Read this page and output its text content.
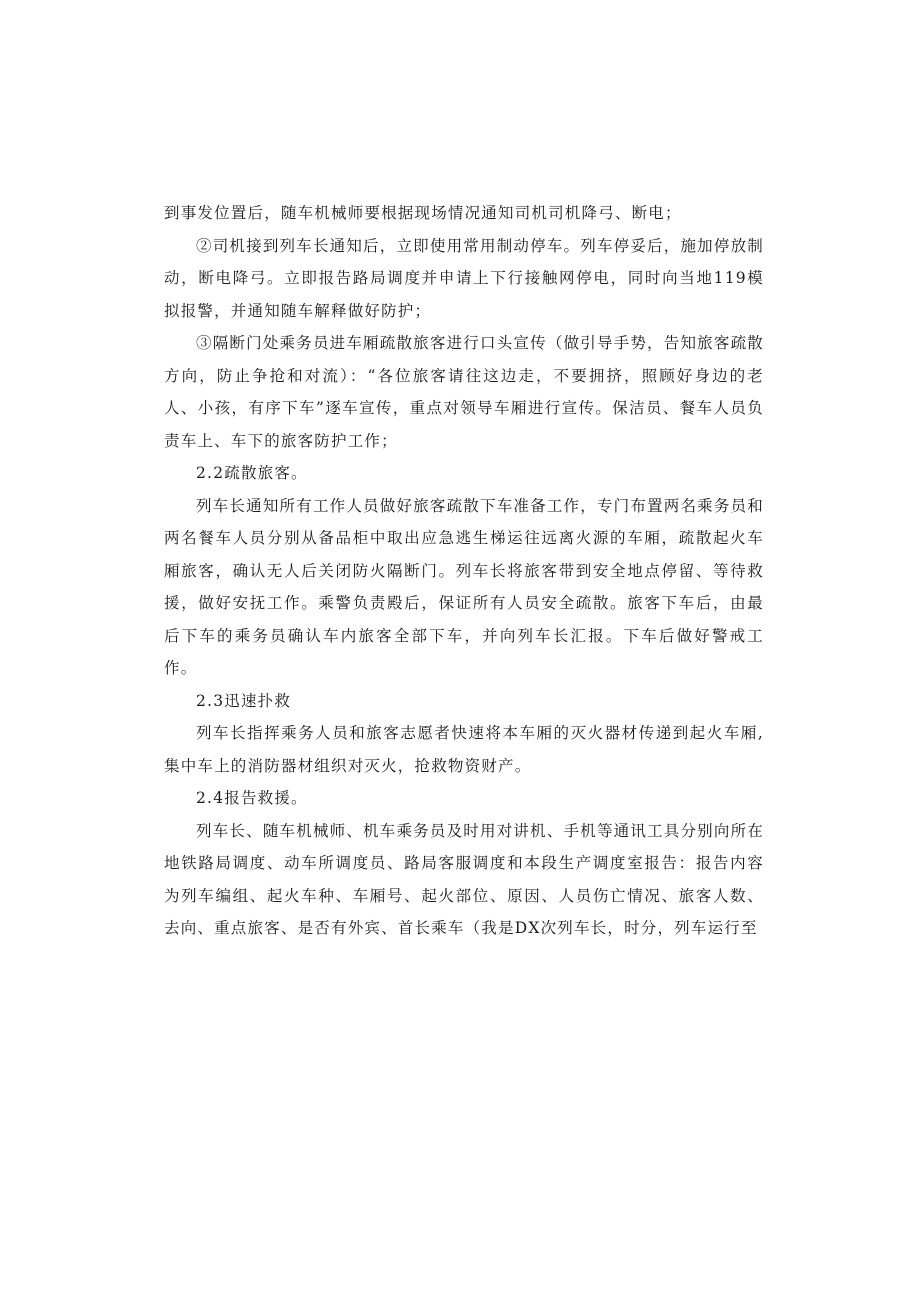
到事发位置后，随车机械师要根据现场情况通知司机司机降弓、断电；

②司机接到列车长通知后，立即使用常用制动停车。列车停妥后，施加停放制动，断电降弓。立即报告路局调度并申请上下行接触网停电，同时向当地119模拟报警，并通知随车解释做好防护；

③隔断门处乘务员进车厢疏散旅客进行口头宣传（做引导手势，告知旅客疏散方向，防止争抢和对流）：“各位旅客请往这边走，不要拥挤，照顾好身边的老人、小孩，有序下车”逐车宣传，重点对领导车厢进行宣传。保洁员、餐车人员负责车上、车下的旅客防护工作；

2.2疏散旅客。

列车长通知所有工作人员做好旅客疏散下车准备工作，专门布置两名乘务员和两名餐车人员分别从备品柜中取出应急逃生梯运往远离火源的车厢，疏散起火车厢旅客，确认无人后关闭防火隔断门。列车长将旅客带到安全地点停留、等待救援，做好安抚工作。乘警负责殿后，保证所有人员安全疏散。旅客下车后，由最后下车的乘务员确认车内旅客全部下车，并向列车长汇报。下车后做好警戒工作。

2.3迅速扑救

列车长指挥乘务人员和旅客志愿者快速将本车厢的灭火器材传递到起火车厢,集中车上的消防器材组织对灭火，抢救物资财产。

2.4报告救援。

列车长、随车机械师、机车乘务员及时用对讲机、手机等通讯工具分别向所在地铁路局调度、动车所调度员、路局客服调度和本段生产调度室报告：报告内容为列车编组、起火车种、车厢号、起火部位、原因、人员伤亡情况、旅客人数、去向、重点旅客、是否有外宾、首长乘车（我是DX次列车长，时分，列车运行至
